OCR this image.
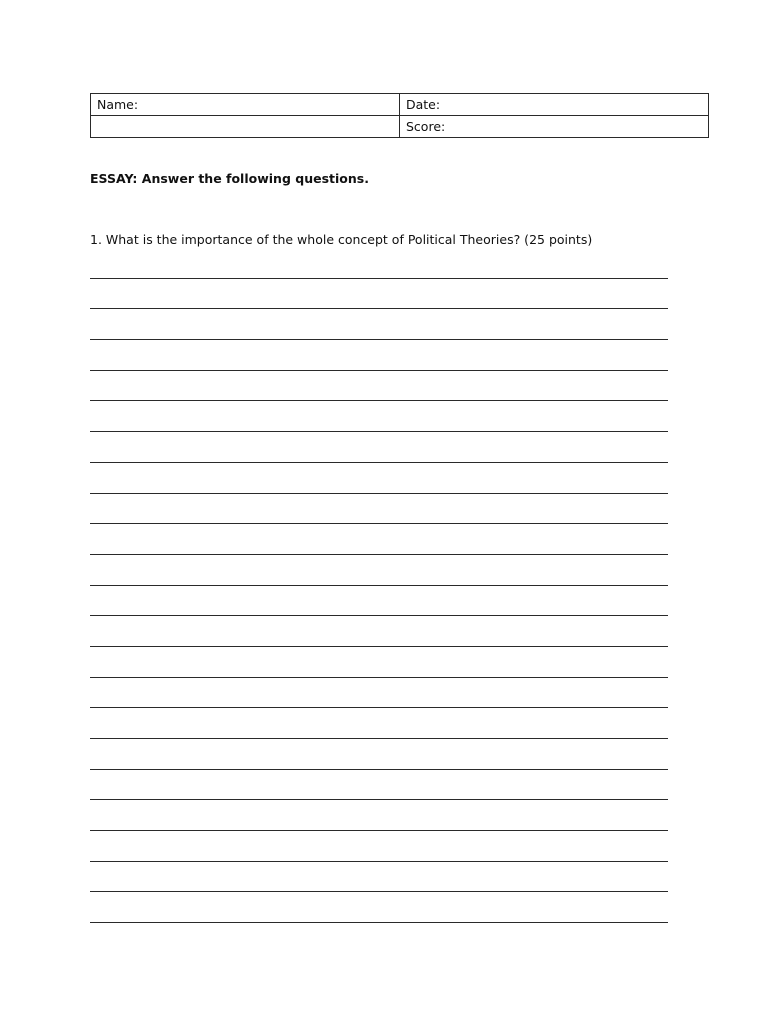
Name:	Date:
	Score:

ESSAY: Answer the following questions.

1. What is the importance of the whole concept of Political Theories? (25 points)
